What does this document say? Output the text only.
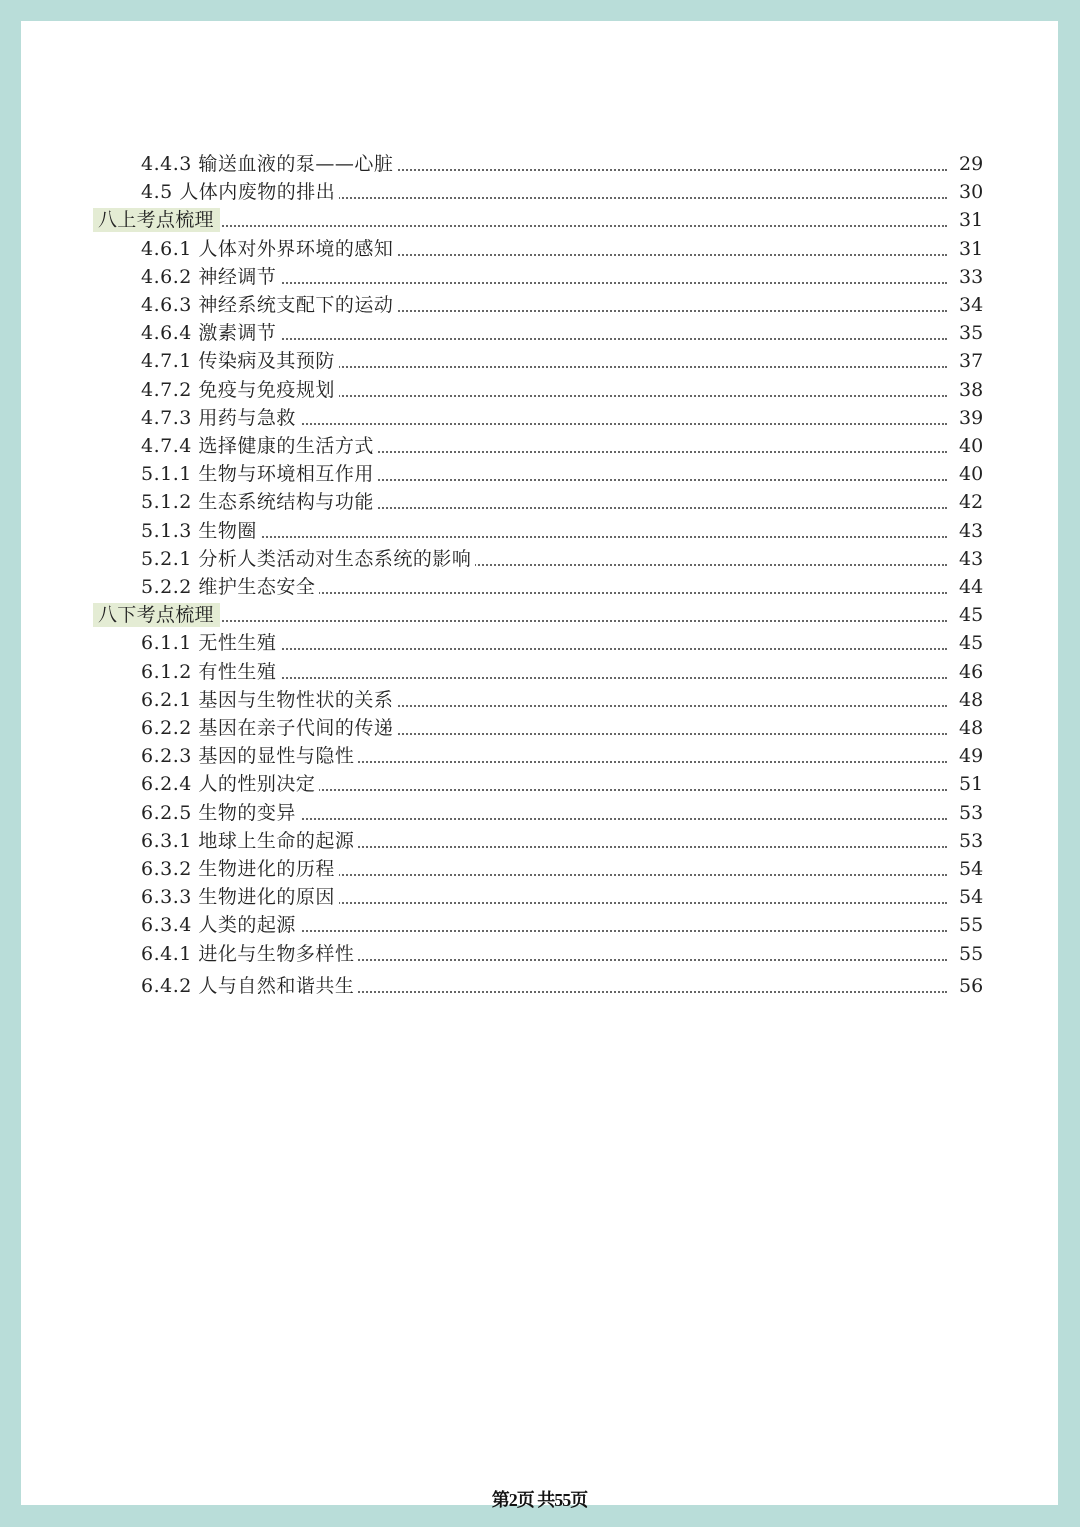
4.4.3 输送血液的泵——心脏	29
4.5 人体内废物的排出	30
八上考点梳理	31
4.6.1 人体对外界环境的感知	31
4.6.2 神经调节	33
4.6.3 神经系统支配下的运动	34
4.6.4 激素调节	35
4.7.1 传染病及其预防	37
4.7.2 免疫与免疫规划	38
4.7.3 用药与急救	39
4.7.4 选择健康的生活方式	40
5.1.1 生物与环境相互作用	40
5.1.2 生态系统结构与功能	42
5.1.3 生物圈	43
5.2.1 分析人类活动对生态系统的影响	43
5.2.2 维护生态安全	44
八下考点梳理	45
6.1.1 无性生殖	45
6.1.2 有性生殖	46
6.2.1 基因与生物性状的关系	48
6.2.2 基因在亲子代间的传递	48
6.2.3 基因的显性与隐性	49
6.2.4 人的性别决定	51
6.2.5 生物的变异	53
6.3.1 地球上生命的起源	53
6.3.2 生物进化的历程	54
6.3.3 生物进化的原因	54
6.3.4 人类的起源	55
6.4.1 进化与生物多样性	55
6.4.2 人与自然和谐共生	56
第2页 共55页
